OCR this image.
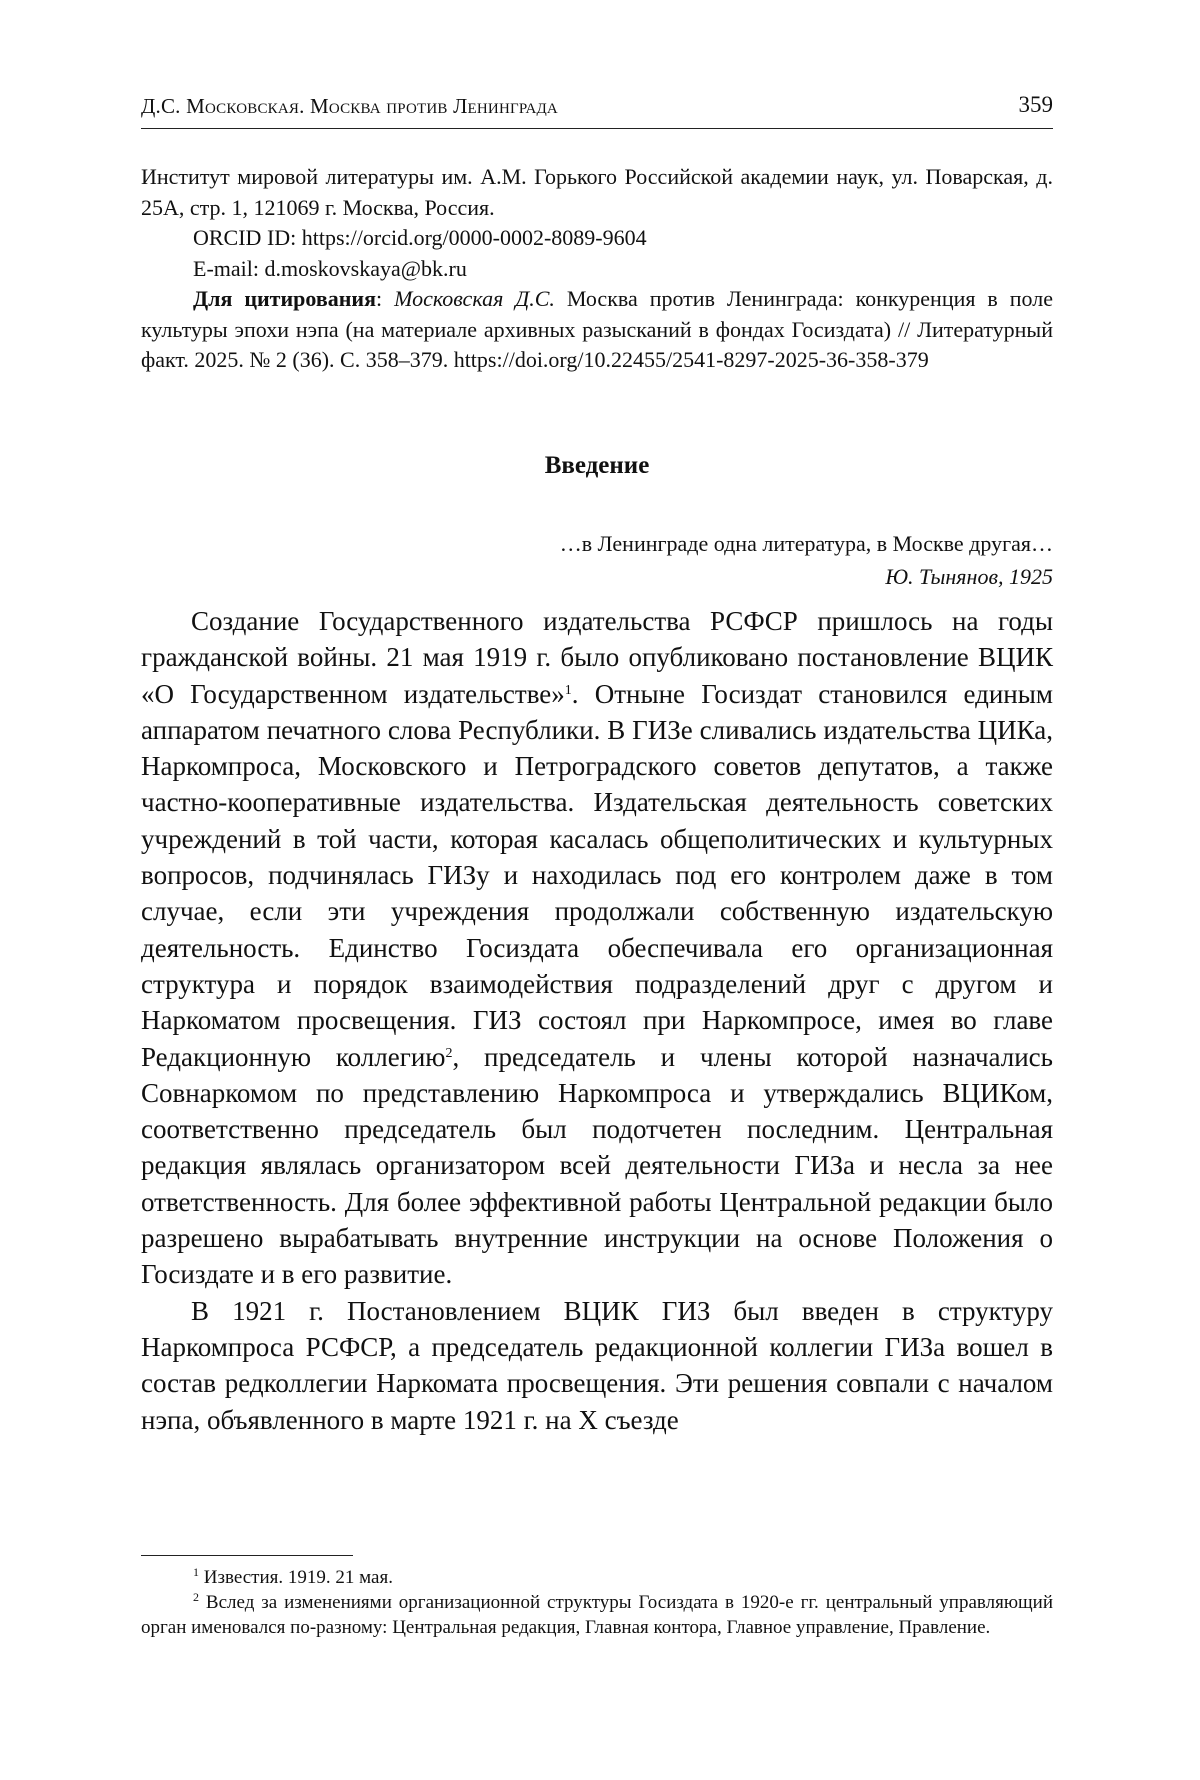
Д.С. Московская. Москва против Ленинграда	359

Институт мировой литературы им. А.М. Горького Российской академии наук, ул. Поварская, д. 25А, стр. 1, 121069 г. Москва, Россия.

ORCID ID: https://orcid.org/0000-0002-8089-9604

E-mail: d.moskovskaya@bk.ru

Для цитирования: Московская Д.С. Москва против Ленинграда: конкуренция в поле культуры эпохи нэпа (на материале архивных разысканий в фондах Госиздата) // Литературный факт. 2025. № 2 (36). С. 358–379. https://doi.org/10.22455/2541-8297-2025-36-358-379

Введение
…в Ленинграде одна литература, в Москве другая…
Ю. Тынянов, 1925

Создание Государственного издательства РСФСР пришлось на годы гражданской войны. 21 мая 1919 г. было опубликовано постановление ВЦИК «О Государственном издательстве»$^1$. Отныне Госиздат становился единым аппаратом печатного слова Республики. В ГИЗе сливались издательства ЦИКа, Наркомпроса, Московского и Петроградского советов депутатов, а также частно-кооперативные издательства. Издательская деятельность советских учреждений в той части, которая касалась общеполитических и культурных вопросов, подчинялась ГИЗу и находилась под его контролем даже в том случае, если эти учреждения продолжали собственную издательскую деятельность. Единство Госиздата обеспечивала его организационная структура и порядок взаимодействия подразделений друг с другом и Наркоматом просвещения. ГИЗ состоял при Наркомпросе, имея во главе Редакционную коллегию$^2$, председатель и члены которой назначались Совнаркомом по представлению Наркомпроса и утверждались ВЦИКом, соответственно председатель был подотчетен последним. Центральная редакция являлась организатором всей деятельности ГИЗа и несла за нее ответственность. Для более эффективной работы Центральной редакции было разрешено вырабатывать внутренние инструкции на основе Положения о Госиздате и в его развитие.

В 1921 г. Постановлением ВЦИК ГИЗ был введен в структуру Наркомпроса РСФСР, а председатель редакционной коллегии ГИЗа вошел в состав редколлегии Наркомата просвещения. Эти решения совпали с началом нэпа, объявленного в марте 1921 г. на X съезде

$^1$ Известия. 1919. 21 мая.

$^2$ Вслед за изменениями организационной структуры Госиздата в 1920-е гг. центральный управляющий орган именовался по-разному: Центральная редакция, Главная контора, Главное управление, Правление.
